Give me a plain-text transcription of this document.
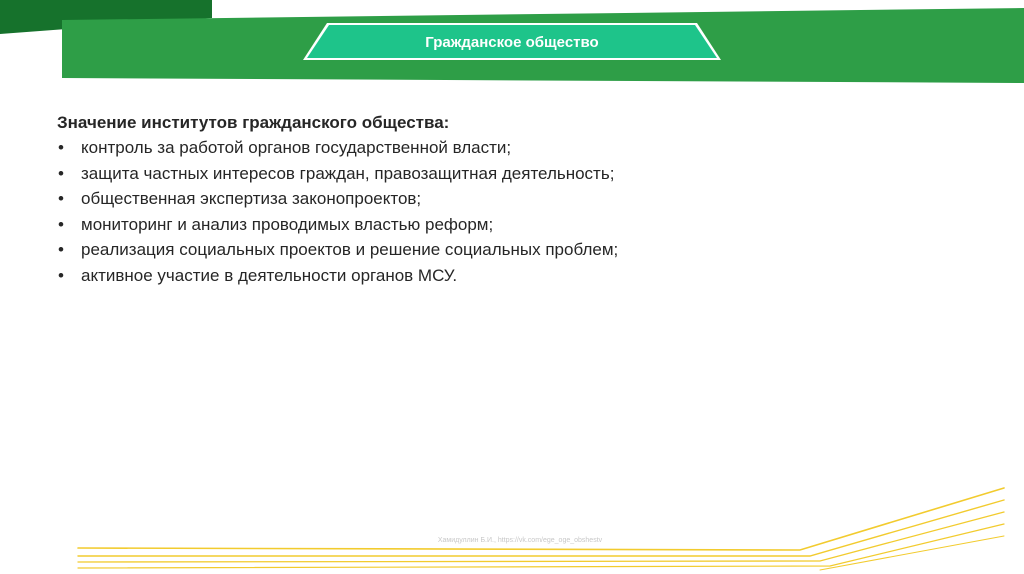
Гражданское общество

Значение институтов гражданского общества:

• контроль за работой органов государственной власти;
• защита частных интересов граждан, правозащитная деятельность;
• общественная экспертиза законопроектов;
• мониторинг и анализ проводимых властью реформ;
• реализация социальных проектов и решение социальных проблем;
• активное участие в деятельности органов МСУ.
Хамидуллин Б.И., https://vk.com/ege_oge_obshestv
